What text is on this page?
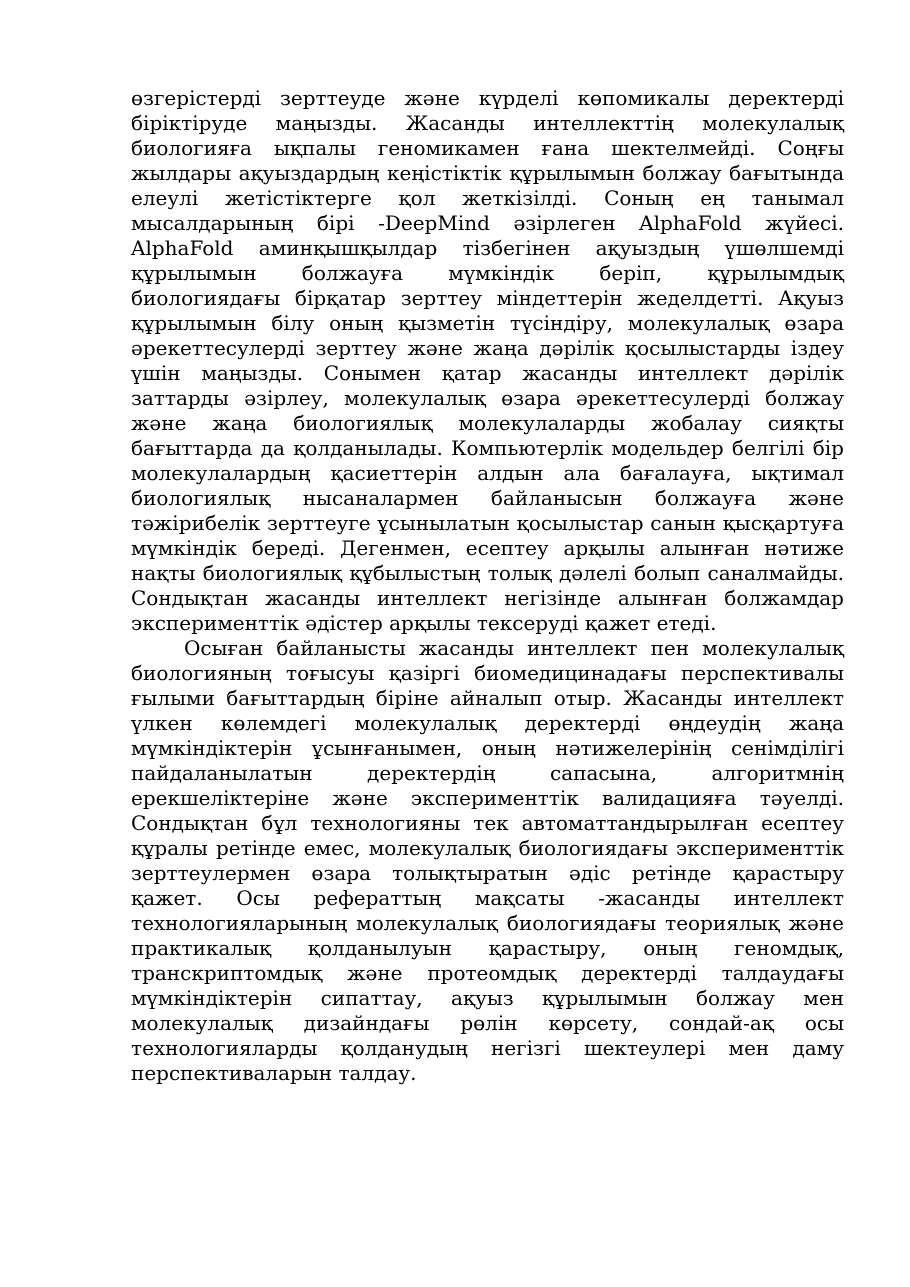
өзгерістерді зерттеуде және күрделі көпомикалы деректерді біріктіруде маңызды. Жасанды интеллекттің молекулалық биологияға ықпалы геномикамен ғана шектелмейді. Соңғы жылдары ақуыздардың кеңістіктік құрылымын болжау бағытында елеулі жетістіктерге қол жеткізілді. Соның ең танымал мысалдарының бірі -DeepMind әзірлеген AlphaFold жүйесі. AlphaFold аминқышқылдар тізбегінен ақуыздың үшөлшемді құрылымын болжауға мүмкіндік беріп, құрылымдық биологиядағы бірқатар зерттеу міндеттерін жеделдетті. Ақуыз құрылымын білу оның қызметін түсіндіру, молекулалық өзара әрекеттесулерді зерттеу және жаңа дәрілік қосылыстарды іздеу үшін маңызды. Сонымен қатар жасанды интеллект дәрілік заттарды әзірлеу, молекулалық өзара әрекеттесулерді болжау және жаңа биологиялық молекулаларды жобалау сияқты бағыттарда да қолданылады. Компьютерлік модельдер белгілі бір молекулалардың қасиеттерін алдын ала бағалауға, ықтимал биологиялық нысаналармен байланысын болжауға және тәжірибелік зерттеуге ұсынылатын қосылыстар санын қысқартуға мүмкіндік береді. Дегенмен, есептеу арқылы алынған нәтиже нақты биологиялық құбылыстың толық дәлелі болып саналмайды. Сондықтан жасанды интеллект негізінде алынған болжамдар эксперименттік әдістер арқылы тексеруді қажет етеді.

Осыған байланысты жасанды интеллект пен молекулалық биологияның тоғысуы қазіргі биомедицинадағы перспективалы ғылыми бағыттардың біріне айналып отыр. Жасанды интеллект үлкен көлемдегі молекулалық деректерді өңдеудің жаңа мүмкіндіктерін ұсынғанымен, оның нәтижелерінің сенімділігі пайдаланылатын деректердің сапасына, алгоритмнің ерекшеліктеріне және эксперименттік валидацияға тәуелді. Сондықтан бұл технологияны тек автоматтандырылған есептеу құралы ретінде емес, молекулалық биологиядағы эксперименттік зерттеулермен өзара толықтыратын әдіс ретінде қарастыру қажет. Осы рефераттың мақсаты -жасанды интеллект технологияларының молекулалық биологиядағы теориялық және практикалық қолданылуын қарастыру, оның геномдық, транскриптомдық және протеомдық деректерді талдаудағы мүмкіндіктерін сипаттау, ақуыз құрылымын болжау мен молекулалық дизайндағы рөлін көрсету, сондай-ақ осы технологияларды қолданудың негізгі шектеулері мен даму перспективаларын талдау.
